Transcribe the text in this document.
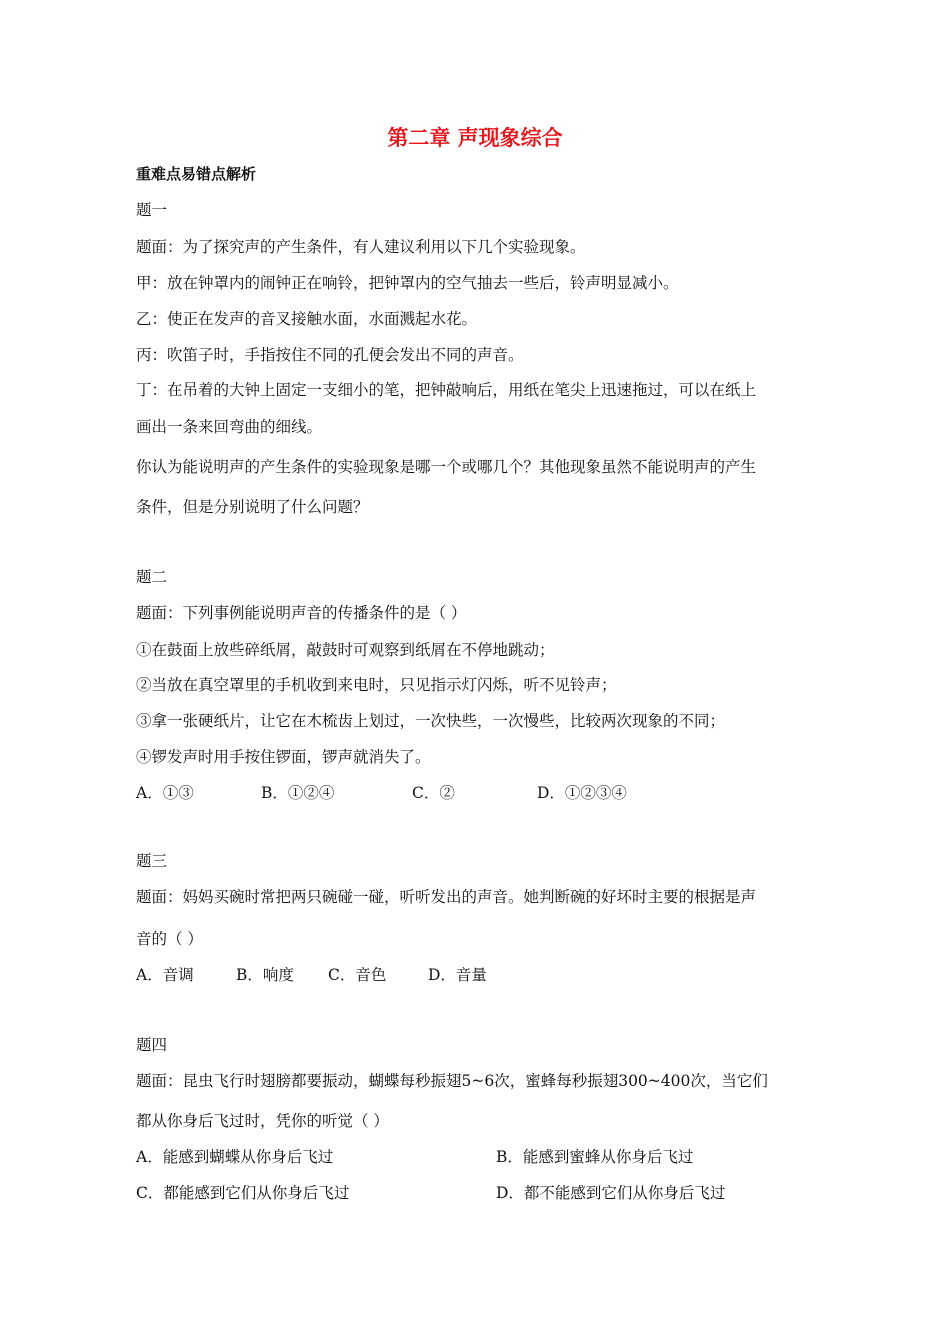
第二章 声现象综合
重难点易错点解析
题一
题面：为了探究声的产生条件，有人建议利用以下几个实验现象。
甲：放在钟罩内的闹钟正在响铃，把钟罩内的空气抽去一些后，铃声明显减小。
乙：使正在发声的音叉接触水面，水面溅起水花。
丙：吹笛子时，手指按住不同的孔便会发出不同的声音。
丁：在吊着的大钟上固定一支细小的笔，把钟敲响后，用纸在笔尖上迅速拖过，可以在纸上
画出一条来回弯曲的细线。
你认为能说明声的产生条件的实验现象是哪一个或哪几个？其他现象虽然不能说明声的产生
条件，但是分别说明了什么问题？
题二
题面：下列事例能说明声音的传播条件的是（ ）
①在鼓面上放些碎纸屑，敲鼓时可观察到纸屑在不停地跳动；
②当放在真空罩里的手机收到来电时，只见指示灯闪烁，听不见铃声；
③拿一张硬纸片，让它在木梳齿上划过，一次快些，一次慢些，比较两次现象的不同；
④锣发声时用手按住锣面，锣声就消失了。
A．①③	B．①②④	C．②	D．①②③④
题三
题面：妈妈买碗时常把两只碗碰一碰，听听发出的声音。她判断碗的好坏时主要的根据是声
音的（ ）
A．音调	B．响度 C．音色	D．音量
题四
题面：昆虫飞行时翅膀都要振动，蝴蝶每秒振翅5~6次，蜜蜂每秒振翅300~400次，当它们
都从你身后飞过时，凭你的听觉（ ）
A．能感到蝴蝶从你身后飞过	B．能感到蜜蜂从你身后飞过
C．都能感到它们从你身后飞过	D．都不能感到它们从你身后飞过
